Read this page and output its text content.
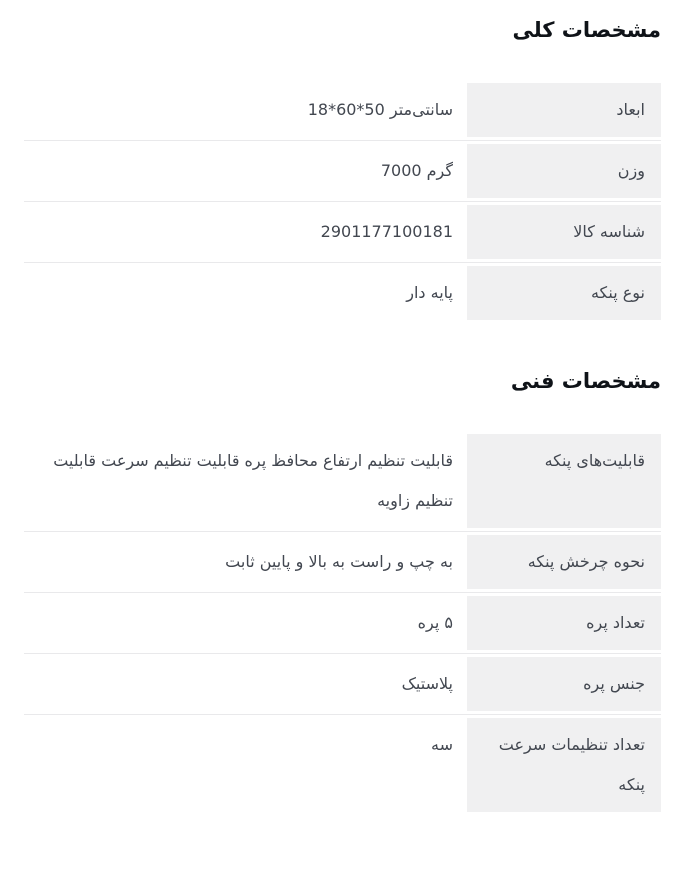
مشخصات کلی
ابعاد
18*60*50 سانتی‌متر
وزن
7000 گرم
شناسه کالا
2901177100181
نوع پنکه
پایه دار
مشخصات فنی
قابلیت‌های پنکه
قابلیت تنظیم ارتفاع محافظ پره قابلیت تنظیم سرعت قابلیت تنظیم زاویه
نحوه چرخش پنکه
به چپ و راست به بالا و پایین ثابت
تعداد پره
۵ پره
جنس پره
پلاستیک
تعداد تنظیمات سرعت پنکه
سه
